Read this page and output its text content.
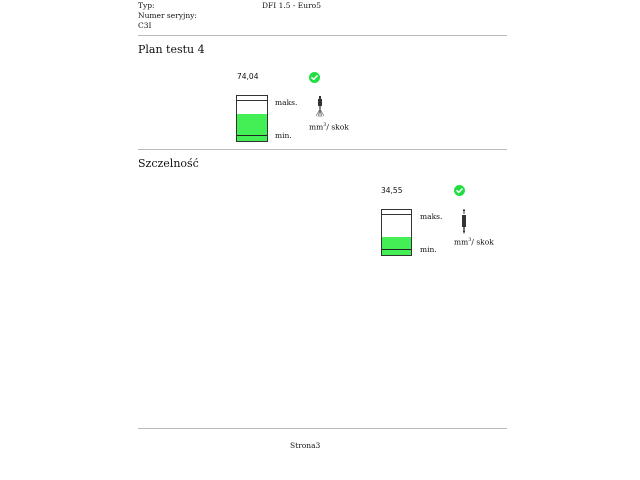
Typ:	DFI 1.5 - Euro5
Numer seryjny:
C3I
Plan testu 4
74,04
maks.
min.
$mm^3/$ skok
Szczelność
34,55
maks.
min.
$mm^3/$ skok
Strona3
